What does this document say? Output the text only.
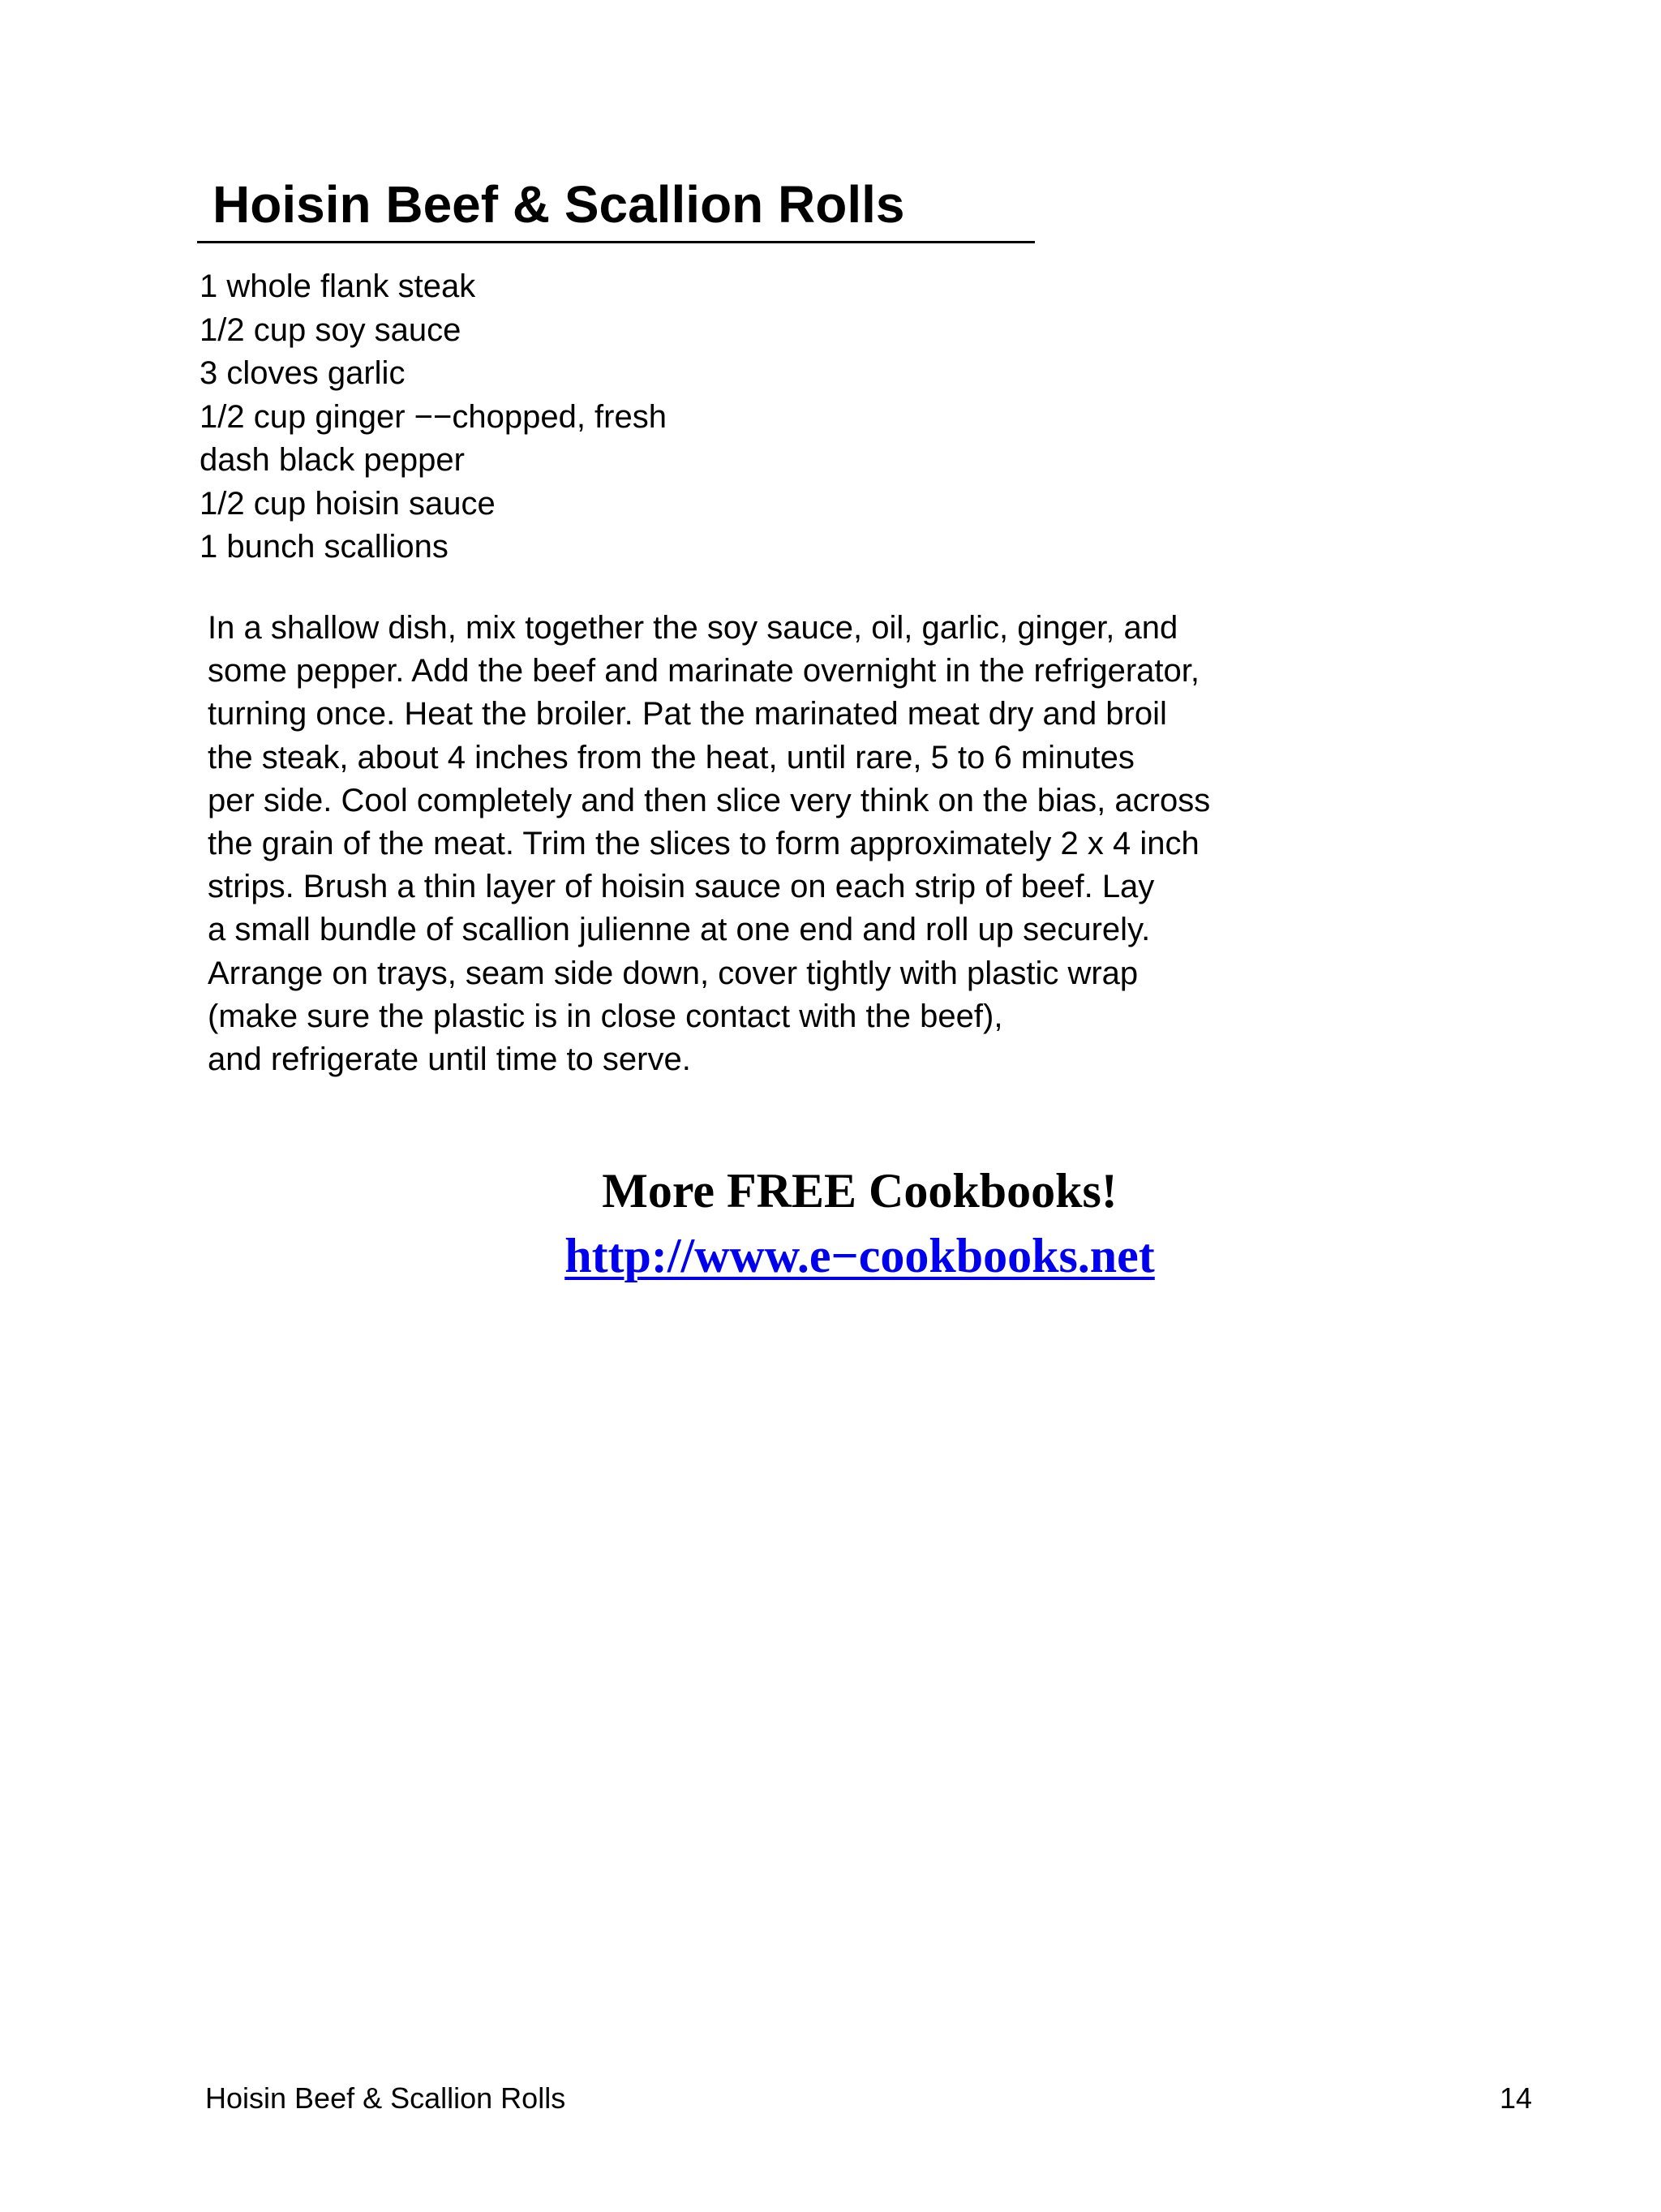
Hoisin Beef & Scallion Rolls
1 whole flank steak
1/2 cup soy sauce
3 cloves garlic
1/2 cup ginger −−chopped, fresh
dash black pepper
1/2 cup hoisin sauce
1 bunch scallions
In a shallow dish, mix together the soy sauce, oil, garlic, ginger, and
some pepper. Add the beef and marinate overnight in the refrigerator,
turning once. Heat the broiler. Pat the marinated meat dry and broil
the steak, about 4 inches from the heat, until rare, 5 to 6 minutes
per side. Cool completely and then slice very think on the bias, across
the grain of the meat. Trim the slices to form approximately 2 x 4 inch
strips. Brush a thin layer of hoisin sauce on each strip of beef. Lay
a small bundle of scallion julienne at one end and roll up securely.
Arrange on trays, seam side down, cover tightly with plastic wrap
(make sure the plastic is in close contact with the beef),
and refrigerate until time to serve.
More FREE Cookbooks!
http://www.e−cookbooks.net
Hoisin Beef & Scallion Rolls	14
